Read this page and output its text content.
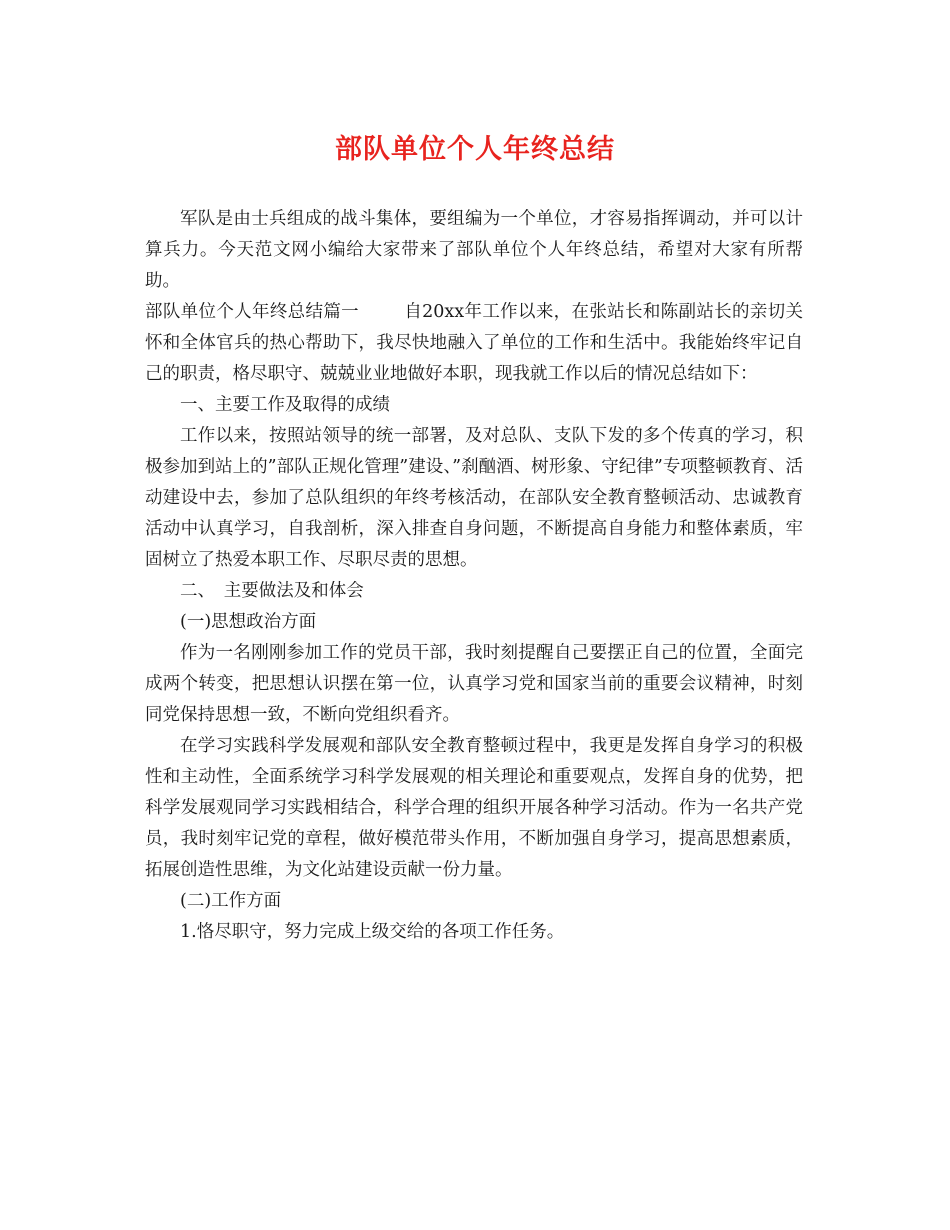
部队单位个人年终总结

军队是由士兵组成的战斗集体，要组编为一个单位，才容易指挥调动，并可以计算兵力。今天范文网小编给大家带来了部队单位个人年终总结，希望对大家有所帮助。

部队单位个人年终总结篇一	自20xx年工作以来，在张站长和陈副站长的亲切关怀和全体官兵的热心帮助下，我尽快地融入了单位的工作和生活中。我能始终牢记自己的职责，格尽职守、兢兢业业地做好本职，现我就工作以后的情况总结如下：

一、主要工作及取得的成绩

工作以来，按照站领导的统一部署，及对总队、支队下发的多个传真的学习，积极参加到站上的”部队正规化管理”建设、”刹酗酒、树形象、守纪律”专项整顿教育、活动建设中去，参加了总队组织的年终考核活动，在部队安全教育整顿活动、忠诚教育活动中认真学习，自我剖析，深入排查自身问题，不断提高自身能力和整体素质，牢固树立了热爱本职工作、尽职尽责的思想。

二、　主要做法及和体会

(一)思想政治方面

作为一名刚刚参加工作的党员干部，我时刻提醒自己要摆正自己的位置，全面完成两个转变，把思想认识摆在第一位，认真学习党和国家当前的重要会议精神，时刻同党保持思想一致，不断向党组织看齐。

在学习实践科学发展观和部队安全教育整顿过程中，我更是发挥自身学习的积极性和主动性，全面系统学习科学发展观的相关理论和重要观点，发挥自身的优势，把科学发展观同学习实践相结合，科学合理的组织开展各种学习活动。作为一名共产党员，我时刻牢记党的章程，做好模范带头作用，不断加强自身学习，提高思想素质，拓展创造性思维，为文化站建设贡献一份力量。

(二)工作方面

1.恪尽职守，努力完成上级交给的各项工作任务。
